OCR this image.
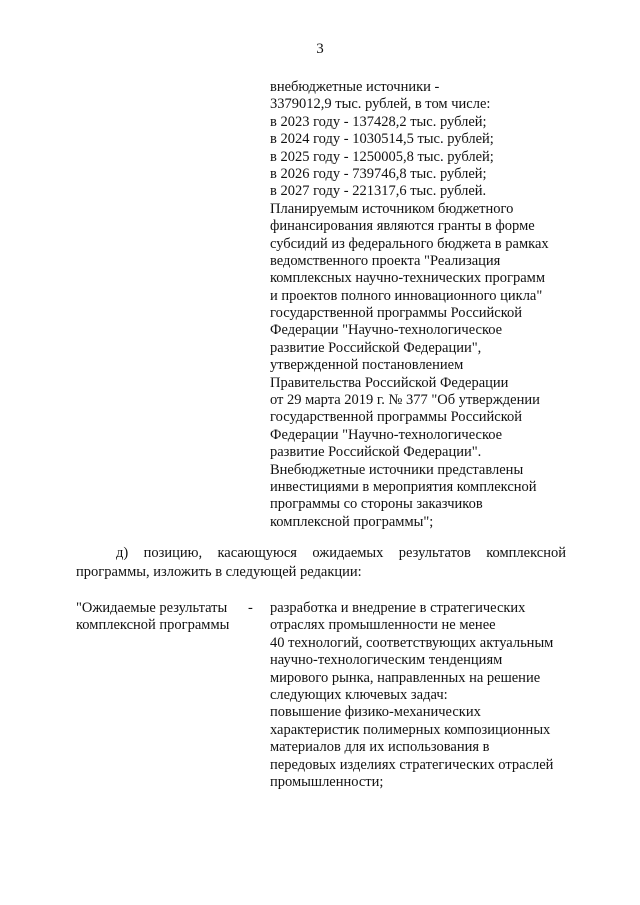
3
внебюджетные источники -
3379012,9 тыс. рублей, в том числе:
в 2023 году - 137428,2 тыс. рублей;
в 2024 году - 1030514,5 тыс. рублей;
в 2025 году - 1250005,8 тыс. рублей;
в 2026 году - 739746,8 тыс. рублей;
в 2027 году - 221317,6 тыс. рублей.
Планируемым источником бюджетного
финансирования являются гранты в форме
субсидий из федерального бюджета в рамках
ведомственного проекта "Реализация
комплексных научно-технических программ
и проектов полного инновационного цикла"
государственной программы Российской
Федерации "Научно-технологическое
развитие Российской Федерации",
утвержденной постановлением
Правительства Российской Федерации
от 29 марта 2019 г. № 377 "Об утверждении
государственной программы Российской
Федерации "Научно-технологическое
развитие Российской Федерации".
Внебюджетные источники представлены
инвестициями в мероприятия комплексной
программы со стороны заказчиков
комплексной программы";
д) позицию, касающуюся ожидаемых результатов комплексной
программы, изложить в следующей редакции:
"Ожидаемые результаты
комплексной программы
- разработка и внедрение в стратегических
отраслях промышленности не менее
40 технологий, соответствующих актуальным
научно-технологическим тенденциям
мирового рынка, направленных на решение
следующих ключевых задач:
повышение физико-механических
характеристик полимерных композиционных
материалов для их использования в
передовых изделиях стратегических отраслей
промышленности;
